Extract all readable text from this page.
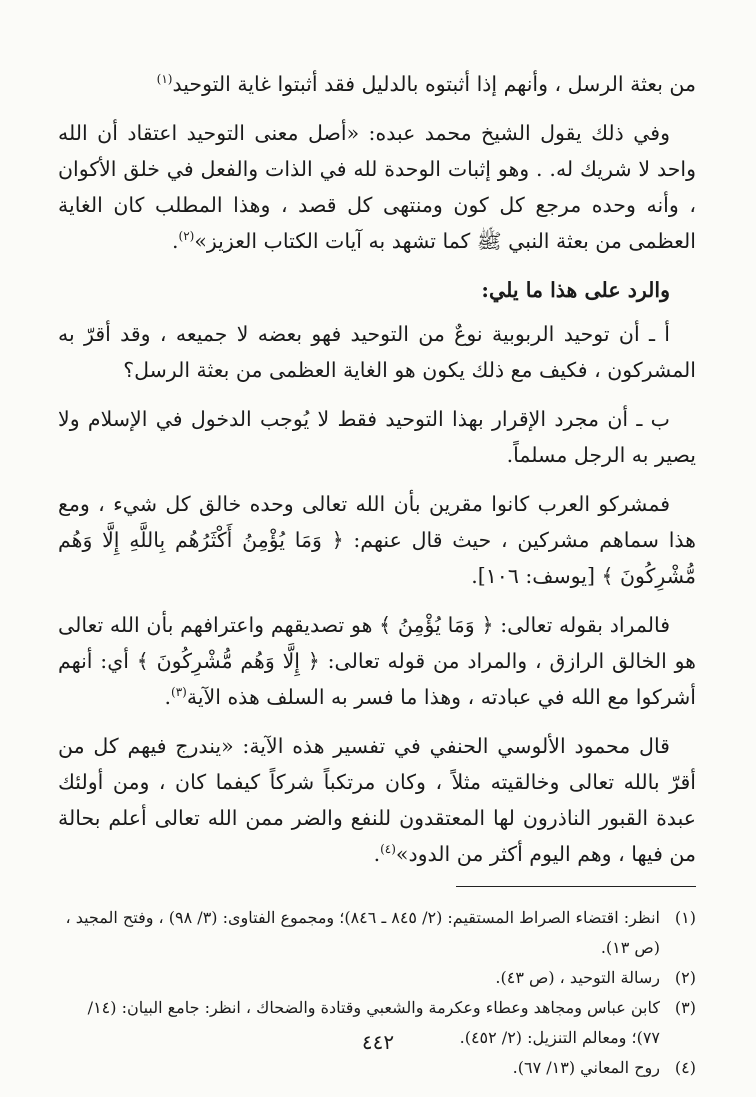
من بعثة الرسل ، وأنهم إذا أثبتوه بالدليل فقد أثبتوا غاية التوحيد$^{(١)}$

وفي ذلك يقول الشيخ محمد عبده: «أصل معنى التوحيد اعتقاد أن الله واحد لا شريك له. . وهو إثبات الوحدة لله في الذات والفعل في خلق الأكوان ، وأنه وحده مرجع كل كون ومنتهى كل قصد ، وهذا المطلب كان الغاية العظمى من بعثة النبي ﷺ كما تشهد به آيات الكتاب العزيز»$^{(٢)}$.

والرد على هذا ما يلي:

أ ـ أن توحيد الربوبية نوعٌ من التوحيد فهو بعضه لا جميعه ، وقد أقرّ به المشركون ، فكيف مع ذلك يكون هو الغاية العظمى من بعثة الرسل؟

ب ـ أن مجرد الإقرار بهذا التوحيد فقط لا يُوجب الدخول في الإسلام ولا يصير به الرجل مسلماً.

فمشركو العرب كانوا مقرين بأن الله تعالى وحده خالق كل شيء ، ومع هذا سماهم مشركين ، حيث قال عنهم: ﴿ وَمَا يُؤْمِنُ أَكْثَرُهُم بِاللَّهِ إِلَّا وَهُم مُّشْرِكُونَ ﴾ [يوسف: ١٠٦].

فالمراد بقوله تعالى: ﴿ وَمَا يُؤْمِنُ ﴾ هو تصديقهم واعترافهم بأن الله تعالى هو الخالق الرازق ، والمراد من قوله تعالى: ﴿ إِلَّا وَهُم مُّشْرِكُونَ ﴾ أي: أنهم أشركوا مع الله في عبادته ، وهذا ما فسر به السلف هذه الآية$^{(٣)}$.

قال محمود الألوسي الحنفي في تفسير هذه الآية: «يندرج فيهم كل من أقرّ بالله تعالى وخالقيته مثلاً ، وكان مرتكباً شركاً كيفما كان ، ومن أولئك عبدة القبور الناذرون لها المعتقدون للنفع والضر ممن الله تعالى أعلم بحالة من فيها ، وهم اليوم أكثر من الدود»$^{(٤)}$.

(١)
انظر: اقتضاء الصراط المستقيم: (٢/ ٨٤٥ ـ ٨٤٦)؛ ومجموع الفتاوى: (٣/ ٩٨) ، وفتح المجيد ، (ص ١٣).
(٢)
رسالة التوحيد ، (ص ٤٣).
(٣)
كابن عباس ومجاهد وعطاء وعكرمة والشعبي وقتادة والضحاك ، انظر: جامع البيان: (١٤/ ٧٧)؛ ومعالم التنزيل: (٢/ ٤٥٢).
(٤)
روح المعاني (١٣/ ٦٧).
٤٤٢
